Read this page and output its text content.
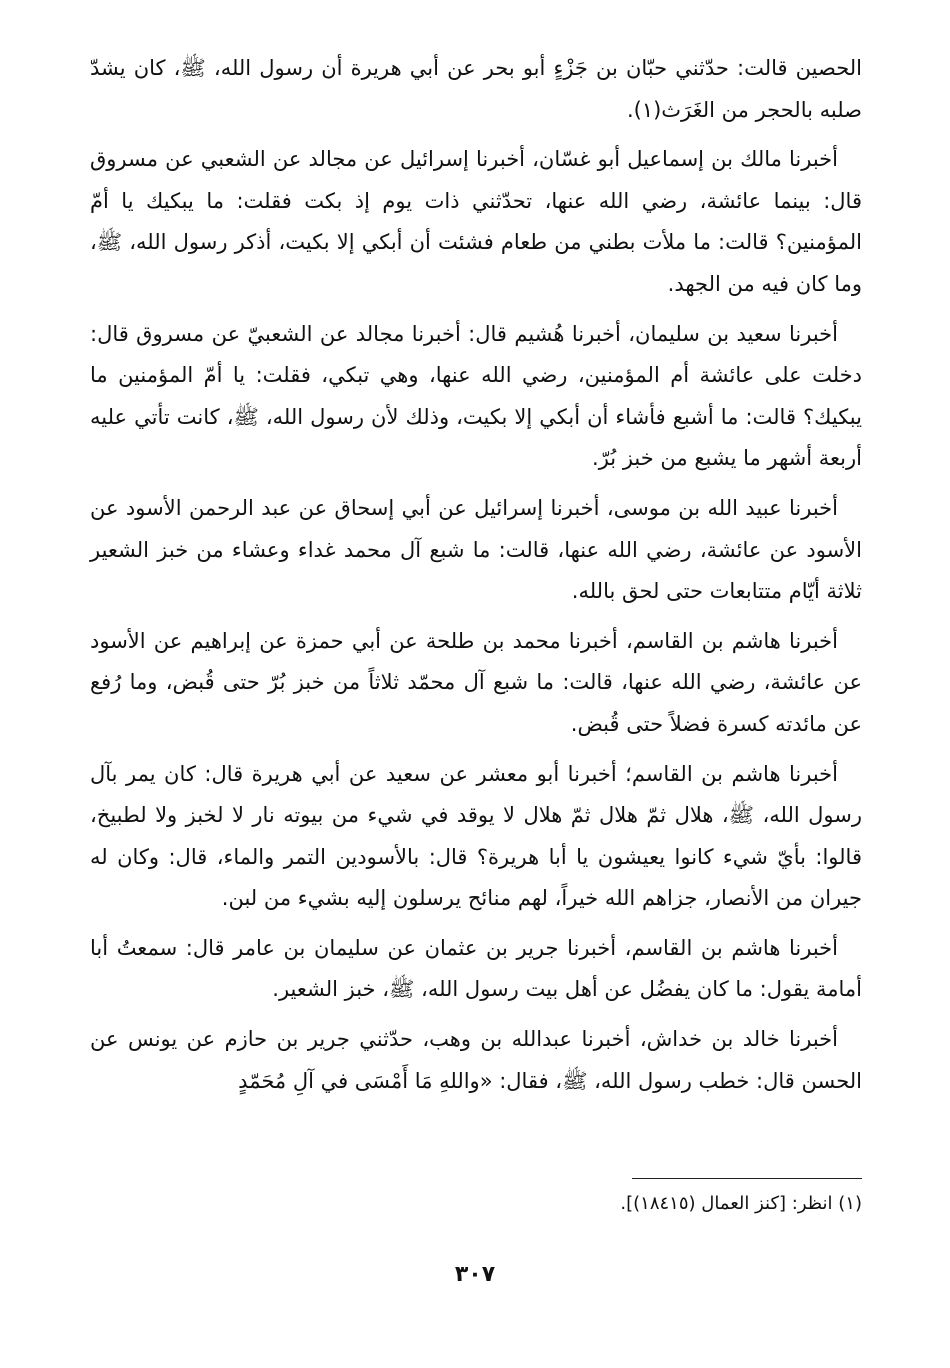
الحصين قالت: حدّثني حبّان بن جَزْءٍ أبو بحر عن أبي هريرة أن رسول الله، ﷺ، كان يشدّ صلبه بالحجر من الغَرَث(١).

أخبرنا مالك بن إسماعيل أبو غسّان، أخبرنا إسرائيل عن مجالد عن الشعبي عن مسروق قال: بينما عائشة، رضي الله عنها، تحدّثني ذات يوم إذ بكت فقلت: ما يبكيك يا أمّ المؤمنين؟ قالت: ما ملأت بطني من طعام فشئت أن أبكي إلا بكيت، أذكر رسول الله، ﷺ، وما كان فيه من الجهد.

أخبرنا سعيد بن سليمان، أخبرنا هُشيم قال: أخبرنا مجالد عن الشعبيّ عن مسروق قال: دخلت على عائشة أم المؤمنين، رضي الله عنها، وهي تبكي، فقلت: يا أمّ المؤمنين ما يبكيك؟ قالت: ما أشبع فأشاء أن أبكي إلا بكيت، وذلك لأن رسول الله، ﷺ، كانت تأتي عليه أربعة أشهر ما يشبع من خبز بُرّ.

أخبرنا عبيد الله بن موسى، أخبرنا إسرائيل عن أبي إسحاق عن عبد الرحمن الأسود عن الأسود عن عائشة، رضي الله عنها، قالت: ما شبع آل محمد غداء وعشاء من خبز الشعير ثلاثة أيّام متتابعات حتى لحق بالله.

أخبرنا هاشم بن القاسم، أخبرنا محمد بن طلحة عن أبي حمزة عن إبراهيم عن الأسود عن عائشة، رضي الله عنها، قالت: ما شبع آل محمّد ثلاثاً من خبز بُرّ حتى قُبض، وما رُفع عن مائدته كسرة فضلاً حتى قُبض.

أخبرنا هاشم بن القاسم؛ أخبرنا أبو معشر عن سعيد عن أبي هريرة قال: كان يمر بآل رسول الله، ﷺ، هلال ثمّ هلال ثمّ هلال لا يوقد في شيء من بيوته نار لا لخبز ولا لطبيخ، قالوا: بأيّ شيء كانوا يعيشون يا أبا هريرة؟ قال: بالأسودين التمر والماء، قال: وكان له جيران من الأنصار، جزاهم الله خيراً، لهم منائح يرسلون إليه بشيء من لبن.

أخبرنا هاشم بن القاسم، أخبرنا جرير بن عثمان عن سليمان بن عامر قال: سمعتُ أبا أمامة يقول: ما كان يفضُل عن أهل بيت رسول الله، ﷺ، خبز الشعير.

أخبرنا خالد بن خداش، أخبرنا عبدالله بن وهب، حدّثني جرير بن حازم عن يونس عن الحسن قال: خطب رسول الله، ﷺ، فقال: «واللهِ مَا أَمْسَى في آلِ مُحَمّدٍ

(١) انظر: [كنز العمال (١٨٤١٥)].
٣٠٧
